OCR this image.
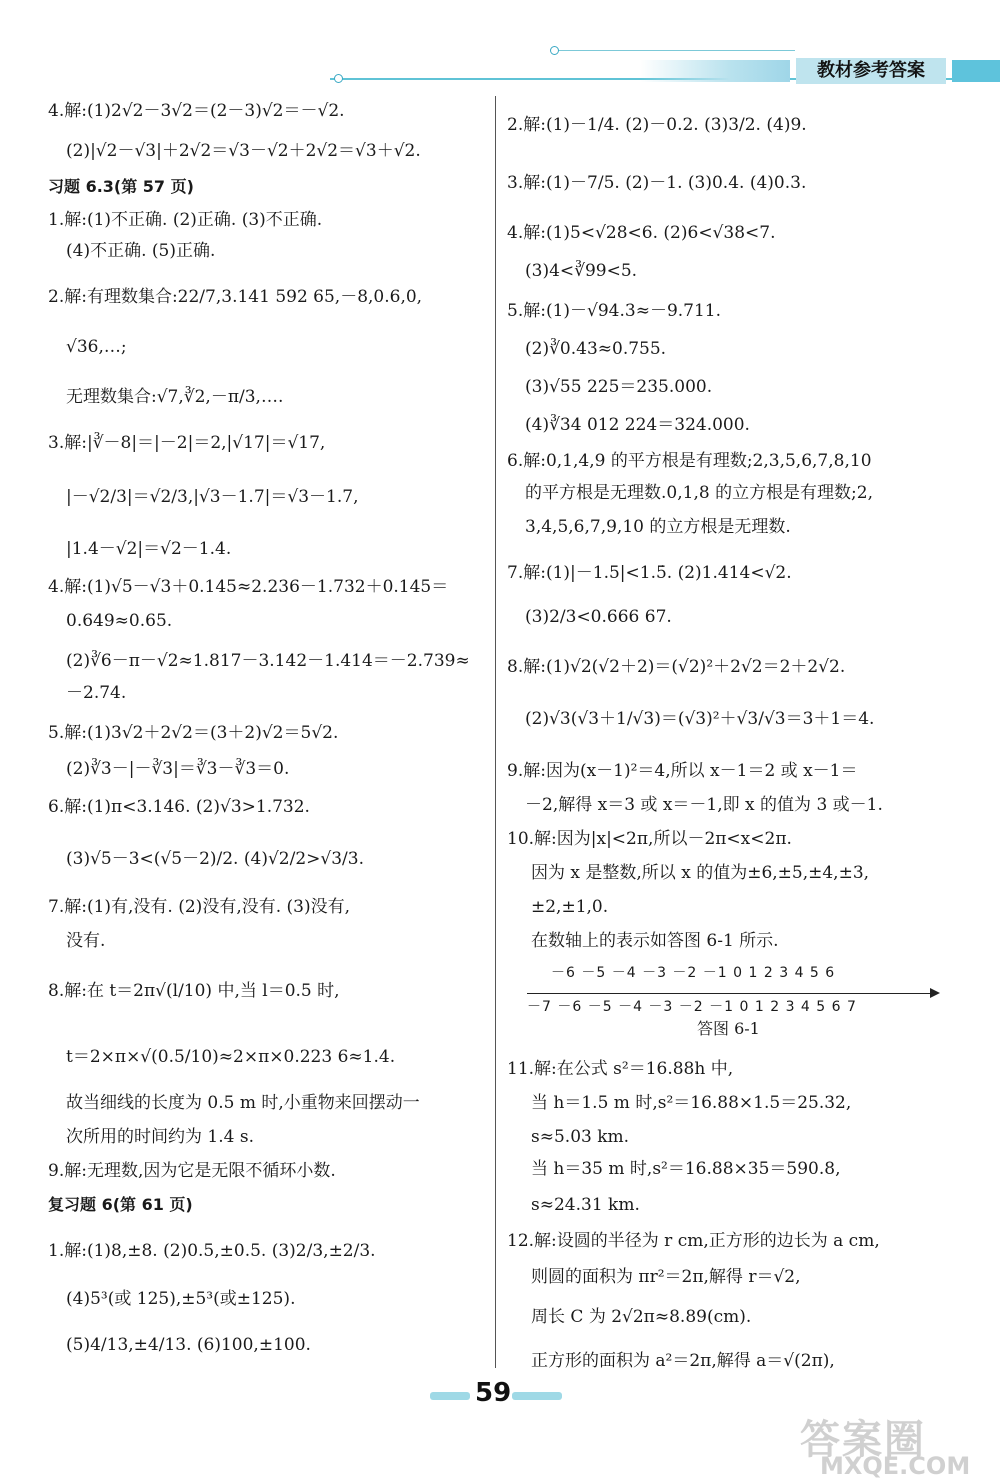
教材参考答案
4.解:(1)2√2－3√2＝(2－3)√2＝－√2.
(2)|√2－√3|＋2√2＝√3－√2＋2√2＝√3＋√2.
习题 6.3(第 57 页)
1.解:(1)不正确. (2)正确. (3)不正确.
(4)不正确. (5)正确.
2.解:有理数集合:22/7,3.141 592 65,－8,0.6,0,
√36,…;
无理数集合:√7,∛2,－π/3,….
3.解:|∛－8|＝|－2|＝2,|√17|＝√17,
|－√2/3|＝√2/3,|√3－1.7|＝√3－1.7,
|1.4－√2|＝√2－1.4.
4.解:(1)√5－√3＋0.145≈2.236－1.732＋0.145＝
0.649≈0.65.
(2)∛6－π－√2≈1.817－3.142－1.414＝－2.739≈
－2.74.
5.解:(1)3√2＋2√2＝(3＋2)√2＝5√2.
(2)∛3－|－∛3|＝∛3－∛3＝0.
6.解:(1)π<3.146. (2)√3>1.732.
(3)√5－3<(√5－2)/2. (4)√2/2>√3/3.
7.解:(1)有,没有. (2)没有,没有. (3)没有,
没有.
8.解:在 t＝2π√(l/10) 中,当 l＝0.5 时,
t＝2×π×√(0.5/10)≈2×π×0.223 6≈1.4.
故当细线的长度为 0.5 m 时,小重物来回摆动一
次所用的时间约为 1.4 s.
9.解:无理数,因为它是无限不循环小数.
复习题 6(第 61 页)
1.解:(1)8,±8. (2)0.5,±0.5. (3)2/3,±2/3.
(4)5³(或 125),±5³(或±125).
(5)4/13,±4/13. (6)100,±100.
2.解:(1)－1/4. (2)－0.2. (3)3/2. (4)9.
3.解:(1)－7/5. (2)－1. (3)0.4. (4)0.3.
4.解:(1)5<√28<6. (2)6<√38<7.
(3)4<∛99<5.
5.解:(1)－√94.3≈－9.711.
(2)∛0.43≈0.755.
(3)√55 225＝235.000.
(4)∛34 012 224＝324.000.
6.解:0,1,4,9 的平方根是有理数;2,3,5,6,7,8,10
的平方根是无理数.0,1,8 的立方根是有理数;2,
3,4,5,6,7,9,10 的立方根是无理数.
7.解:(1)|－1.5|<1.5̇. (2)1.414<√2.
(3)2/3<0.666 67.
8.解:(1)√2(√2＋2)＝(√2)²＋2√2＝2＋2√2.
(2)√3(√3＋1/√3)＝(√3)²＋√3/√3＝3＋1＝4.
9.解:因为(x－1)²＝4,所以 x－1＝2 或 x－1＝
－2,解得 x＝3 或 x＝－1,即 x 的值为 3 或－1.
10.解:因为|x|<2π,所以－2π<x<2π.
因为 x 是整数,所以 x 的值为±6,±5,±4,±3,
±2,±1,0.
在数轴上的表示如答图 6-1 所示.
11.解:在公式 s²＝16.88h 中,
当 h＝1.5 m 时,s²＝16.88×1.5＝25.32,
s≈5.03 km.
当 h＝35 m 时,s²＝16.88×35＝590.8,
s≈24.31 km.
12.解:设圆的半径为 r cm,正方形的边长为 a cm,
则圆的面积为 πr²＝2π,解得 r＝√2,
周长 C 为 2√2π≈8.89(cm).
正方形的面积为 a²＝2π,解得 a＝√(2π),
－6 －5 －4 －3 －2 －1 0 1 2 3 4 5 6
－7 －6 －5 －4 －3 －2 －1 0 1 2 3 4 5 6 7
答图 6-1
59
答案圈
MXQE.COM
